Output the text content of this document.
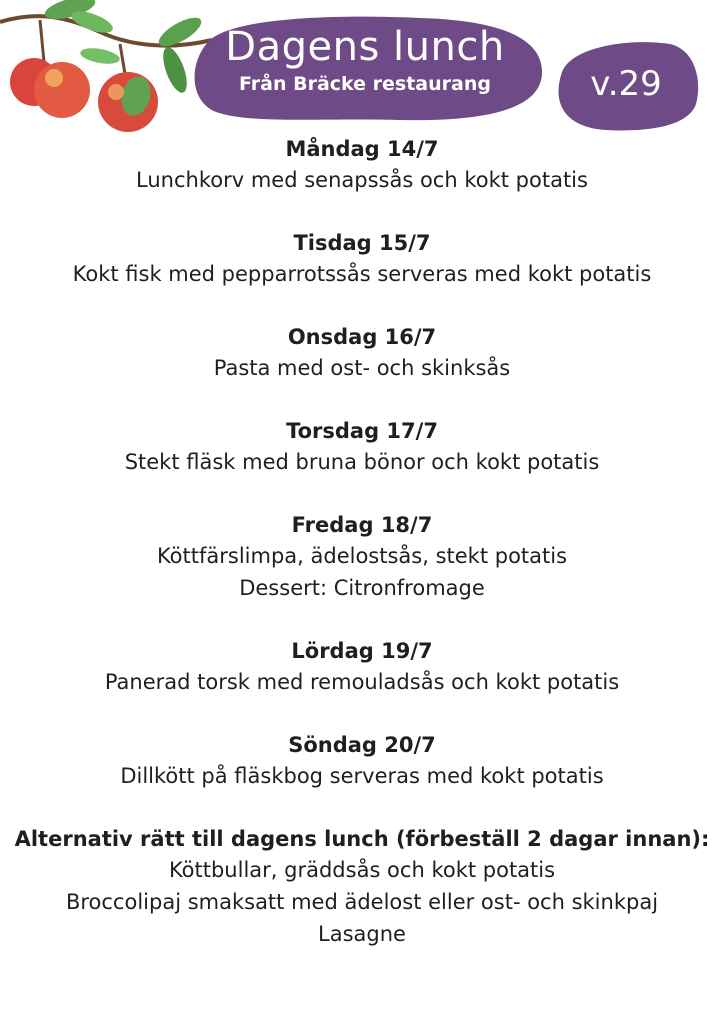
Dagens lunch
Från Bräcke restaurang	v.29
Måndag 14/7
Lunchkorv med senapssås och kokt potatis
Tisdag 15/7
Kokt fisk med pepparrotssås serveras med kokt potatis
Onsdag 16/7
Pasta med ost- och skinksås
Torsdag 17/7
Stekt fläsk med bruna bönor och kokt potatis
Fredag 18/7
Köttfärslimpa, ädelostsås, stekt potatis
Dessert: Citronfromage
Lördag 19/7
Panerad torsk med remouladsås och kokt potatis
Söndag 20/7
Dillkött på fläskbog serveras med kokt potatis
Alternativ rätt till dagens lunch (förbeställ 2 dagar innan):
Köttbullar, gräddsås och kokt potatis
Broccolipaj smaksatt med ädelost eller ost- och skinkpaj
Lasagne
